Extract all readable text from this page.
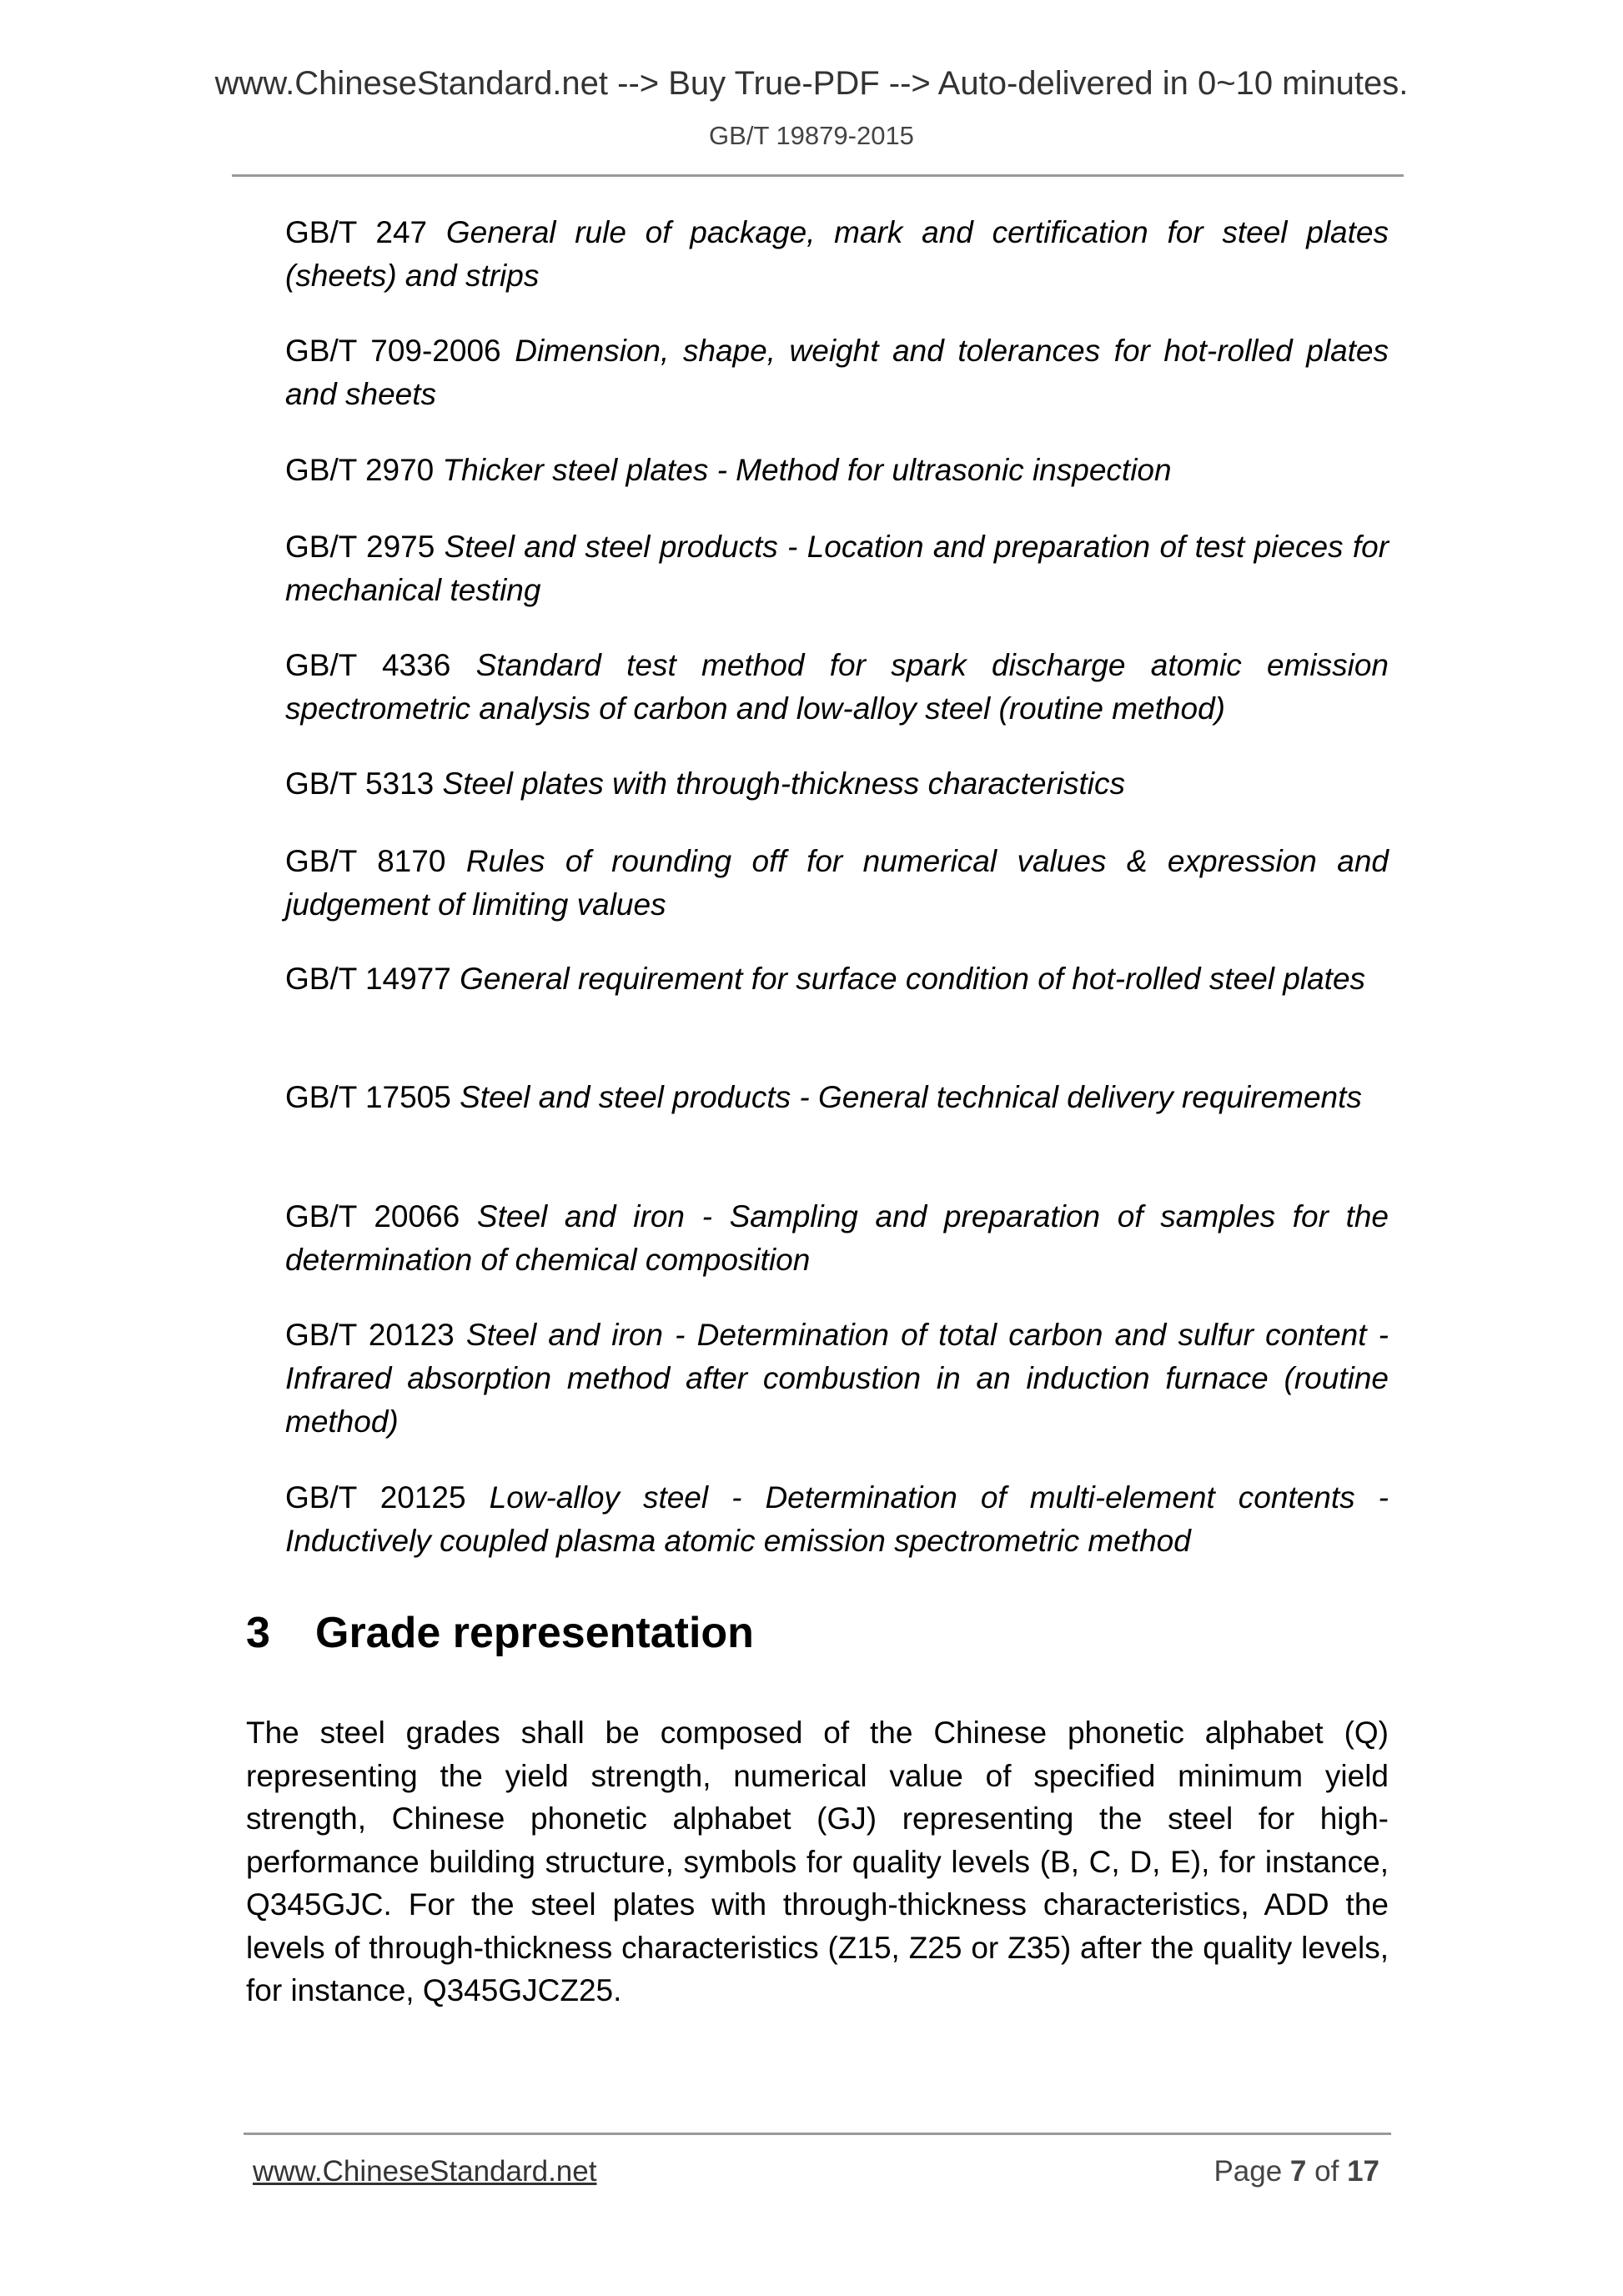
www.ChineseStandard.net --> Buy True-PDF --> Auto-delivered in 0~10 minutes.
GB/T 19879-2015
GB/T 247 General rule of package, mark and certification for steel plates (sheets) and strips
GB/T 709-2006 Dimension, shape, weight and tolerances for hot-rolled plates and sheets
GB/T 2970 Thicker steel plates - Method for ultrasonic inspection
GB/T 2975 Steel and steel products - Location and preparation of test pieces for mechanical testing
GB/T 4336 Standard test method for spark discharge atomic emission spectrometric analysis of carbon and low-alloy steel (routine method)
GB/T 5313 Steel plates with through-thickness characteristics
GB/T 8170 Rules of rounding off for numerical values & expression and judgement of limiting values
GB/T 14977 General requirement for surface condition of hot-rolled steel plates
GB/T 17505 Steel and steel products - General technical delivery requirements
GB/T 20066 Steel and iron - Sampling and preparation of samples for the determination of chemical composition
GB/T 20123 Steel and iron - Determination of total carbon and sulfur content - Infrared absorption method after combustion in an induction furnace (routine method)
GB/T 20125 Low-alloy steel - Determination of multi-element contents - Inductively coupled plasma atomic emission spectrometric method
3 Grade representation
The steel grades shall be composed of the Chinese phonetic alphabet (Q) representing the yield strength, numerical value of specified minimum yield strength, Chinese phonetic alphabet (GJ) representing the steel for high-performance building structure, symbols for quality levels (B, C, D, E), for instance, Q345GJC. For the steel plates with through-thickness characteristics, ADD the levels of through-thickness characteristics (Z15, Z25 or Z35) after the quality levels, for instance, Q345GJCZ25.
www.ChineseStandard.net	Page 7 of 17
